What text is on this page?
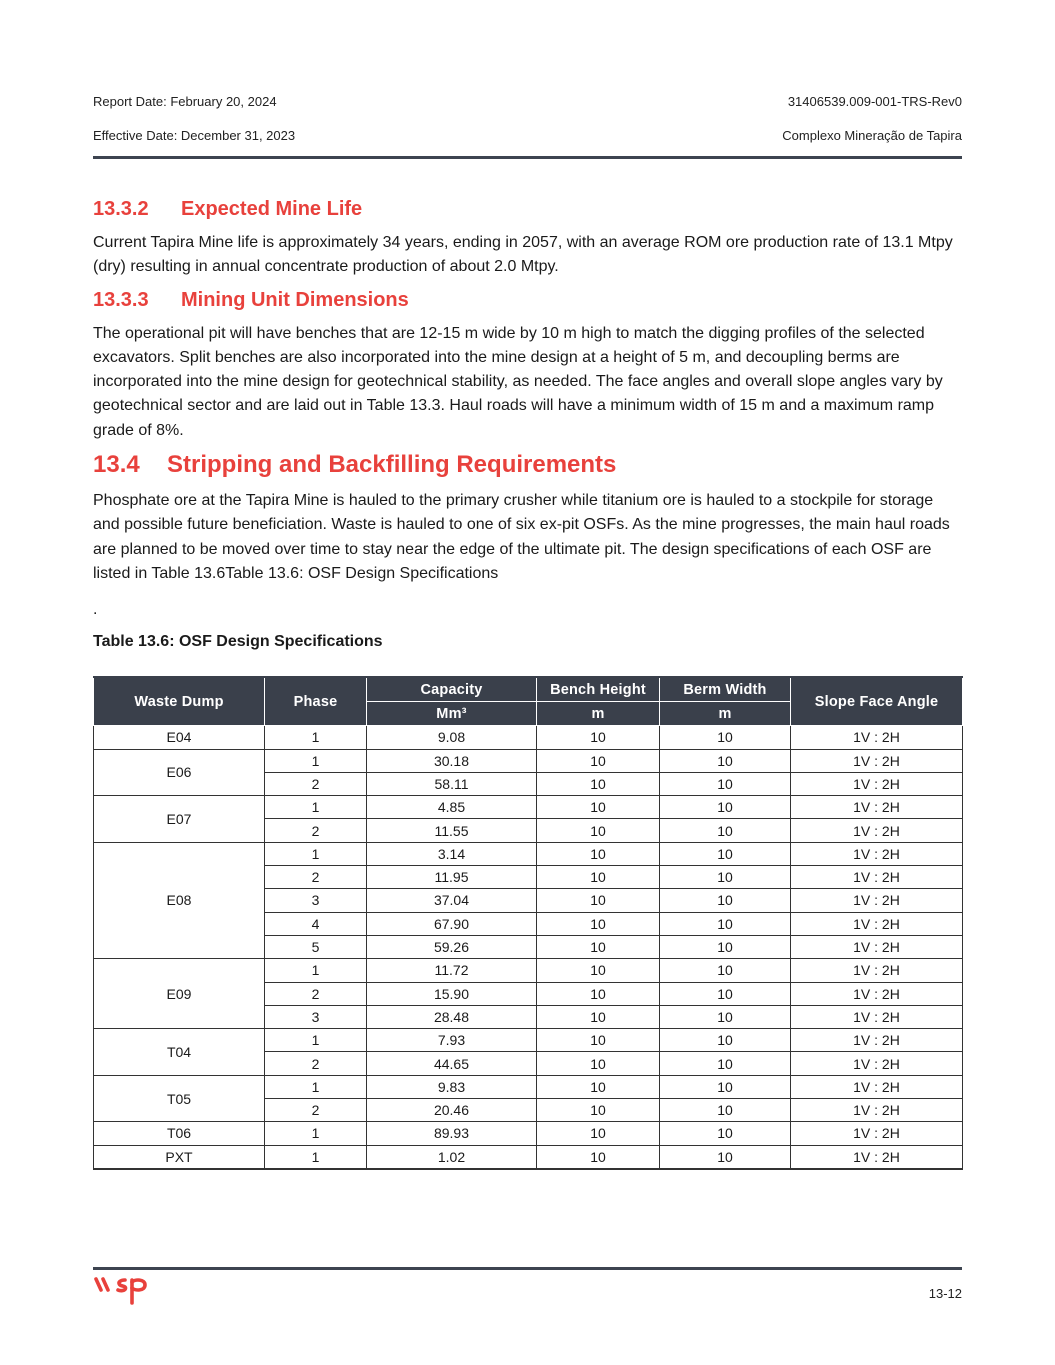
Report Date: February 20, 2024	31406539.009-001-TRS-Rev0
Effective Date: December 31, 2023	Complexo Mineração de Tapira
13.3.2 Expected Mine Life

Current Tapira Mine life is approximately 34 years, ending in 2057, with an average ROM ore production rate of 13.1 Mtpy (dry) resulting in annual concentrate production of about 2.0 Mtpy.

13.3.3 Mining Unit Dimensions

The operational pit will have benches that are 12-15 m wide by 10 m high to match the digging profiles of the selected excavators. Split benches are also incorporated into the mine design at a height of 5 m, and decoupling berms are incorporated into the mine design for geotechnical stability, as needed. The face angles and overall slope angles vary by geotechnical sector and are laid out in Table 13.3. Haul roads will have a minimum width of 15 m and a maximum ramp grade of 8%.

13.4 Stripping and Backfilling Requirements

Phosphate ore at the Tapira Mine is hauled to the primary crusher while titanium ore is hauled to a stockpile for storage and possible future beneficiation. Waste is hauled to one of six ex-pit OSFs. As the mine progresses, the main haul roads are planned to be moved over time to stay near the edge of the ultimate pit. The design specifications of each OSF are listed in Table 13.6Table 13.6: OSF Design Specifications

.
Table 13.6: OSF Design Specifications
Waste Dump	Phase	Capacity	Bench Height	Berm Width	Slope Face Angle
		Mm³	m	m	
E04	1	9.08	10	10	1V : 2H
E06	1	30.18	10	10	1V : 2H
	2	58.11	10	10	1V : 2H
E07	1	4.85	10	10	1V : 2H
	2	11.55	10	10	1V : 2H
E08	1	3.14	10	10	1V : 2H
	2	11.95	10	10	1V : 2H
	3	37.04	10	10	1V : 2H
	4	67.90	10	10	1V : 2H
	5	59.26	10	10	1V : 2H
E09	1	11.72	10	10	1V : 2H
	2	15.90	10	10	1V : 2H
	3	28.48	10	10	1V : 2H
T04	1	7.93	10	10	1V : 2H
	2	44.65	10	10	1V : 2H
T05	1	9.83	10	10	1V : 2H
	2	20.46	10	10	1V : 2H
T06	1	89.93	10	10	1V : 2H
PXT	1	1.02	10	10	1V : 2H
13-12
